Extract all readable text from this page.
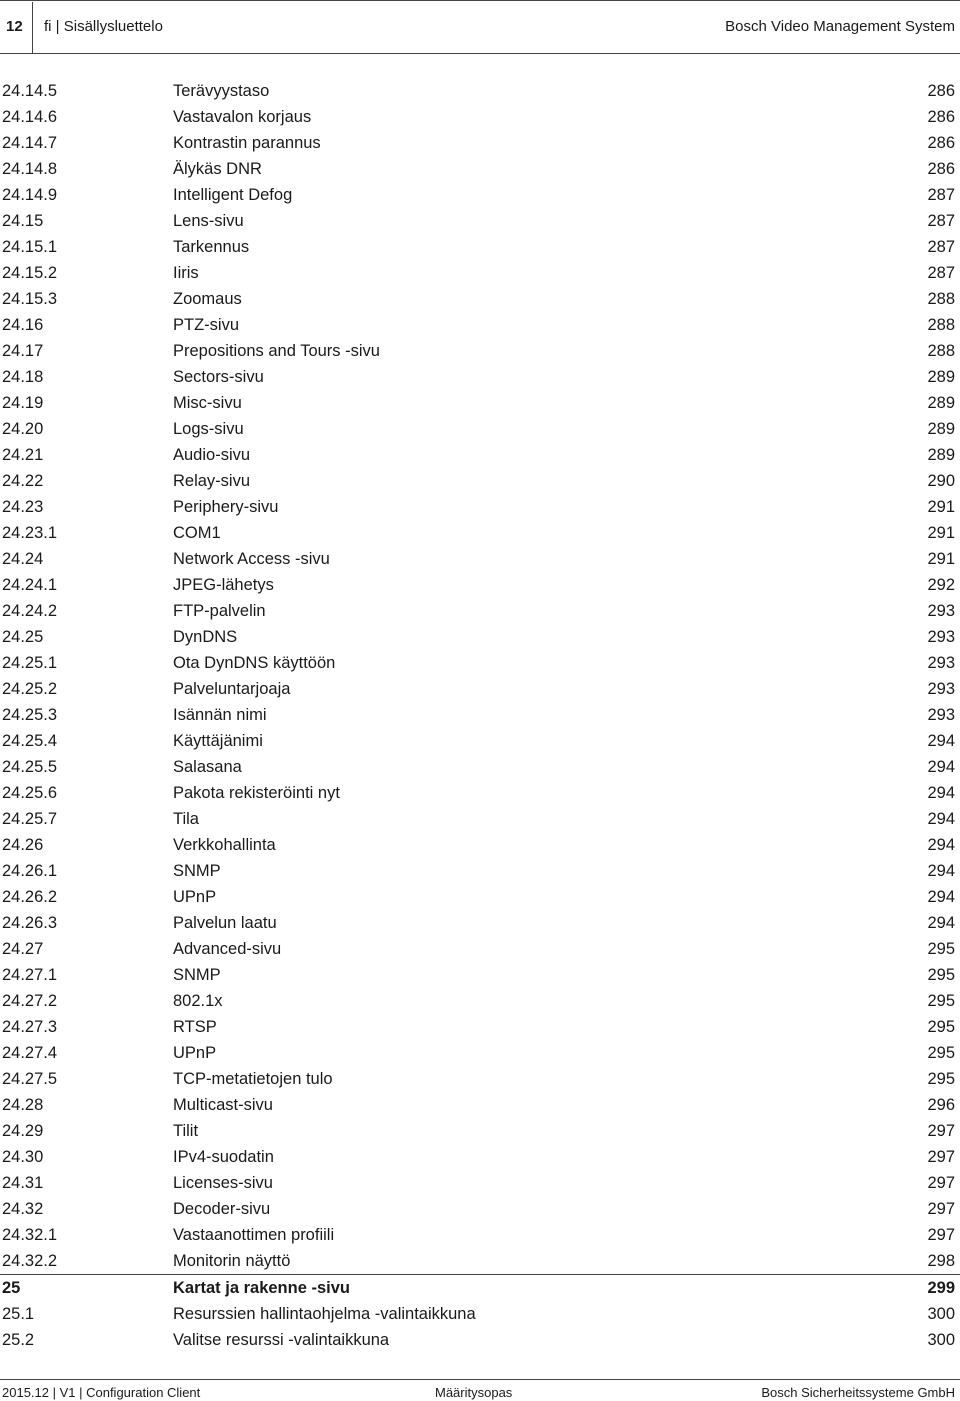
12 fi | Sisällysluettelo	Bosch Video Management System
24.14.5	Terävyystaso	286
24.14.6	Vastavalon korjaus	286
24.14.7	Kontrastin parannus	286
24.14.8	Älykäs DNR	286
24.14.9	Intelligent Defog	287
24.15	Lens-sivu	287
24.15.1	Tarkennus	287
24.15.2	Iiris	287
24.15.3	Zoomaus	288
24.16	PTZ-sivu	288
24.17	Prepositions and Tours -sivu	288
24.18	Sectors-sivu	289
24.19	Misc-sivu	289
24.20	Logs-sivu	289
24.21	Audio-sivu	289
24.22	Relay-sivu	290
24.23	Periphery-sivu	291
24.23.1	COM1	291
24.24	Network Access -sivu	291
24.24.1	JPEG-lähetys	292
24.24.2	FTP-palvelin	293
24.25	DynDNS	293
24.25.1	Ota DynDNS käyttöön	293
24.25.2	Palveluntarjoaja	293
24.25.3	Isännän nimi	293
24.25.4	Käyttäjänimi	294
24.25.5	Salasana	294
24.25.6	Pakota rekisteröinti nyt	294
24.25.7	Tila	294
24.26	Verkkohallinta	294
24.26.1	SNMP	294
24.26.2	UPnP	294
24.26.3	Palvelun laatu	294
24.27	Advanced-sivu	295
24.27.1	SNMP	295
24.27.2	802.1x	295
24.27.3	RTSP	295
24.27.4	UPnP	295
24.27.5	TCP-metatietojen tulo	295
24.28	Multicast-sivu	296
24.29	Tilit	297
24.30	IPv4-suodatin	297
24.31	Licenses-sivu	297
24.32	Decoder-sivu	297
24.32.1	Vastaanottimen profiili	297
24.32.2	Monitorin näyttö	298
25	Kartat ja rakenne -sivu	299
25.1	Resurssien hallintaohjelma -valintaikkuna	300
25.2	Valitse resurssi -valintaikkuna	300
2015.12 | V1 | Configuration Client	Määritysopas	Bosch Sicherheitssysteme GmbH
